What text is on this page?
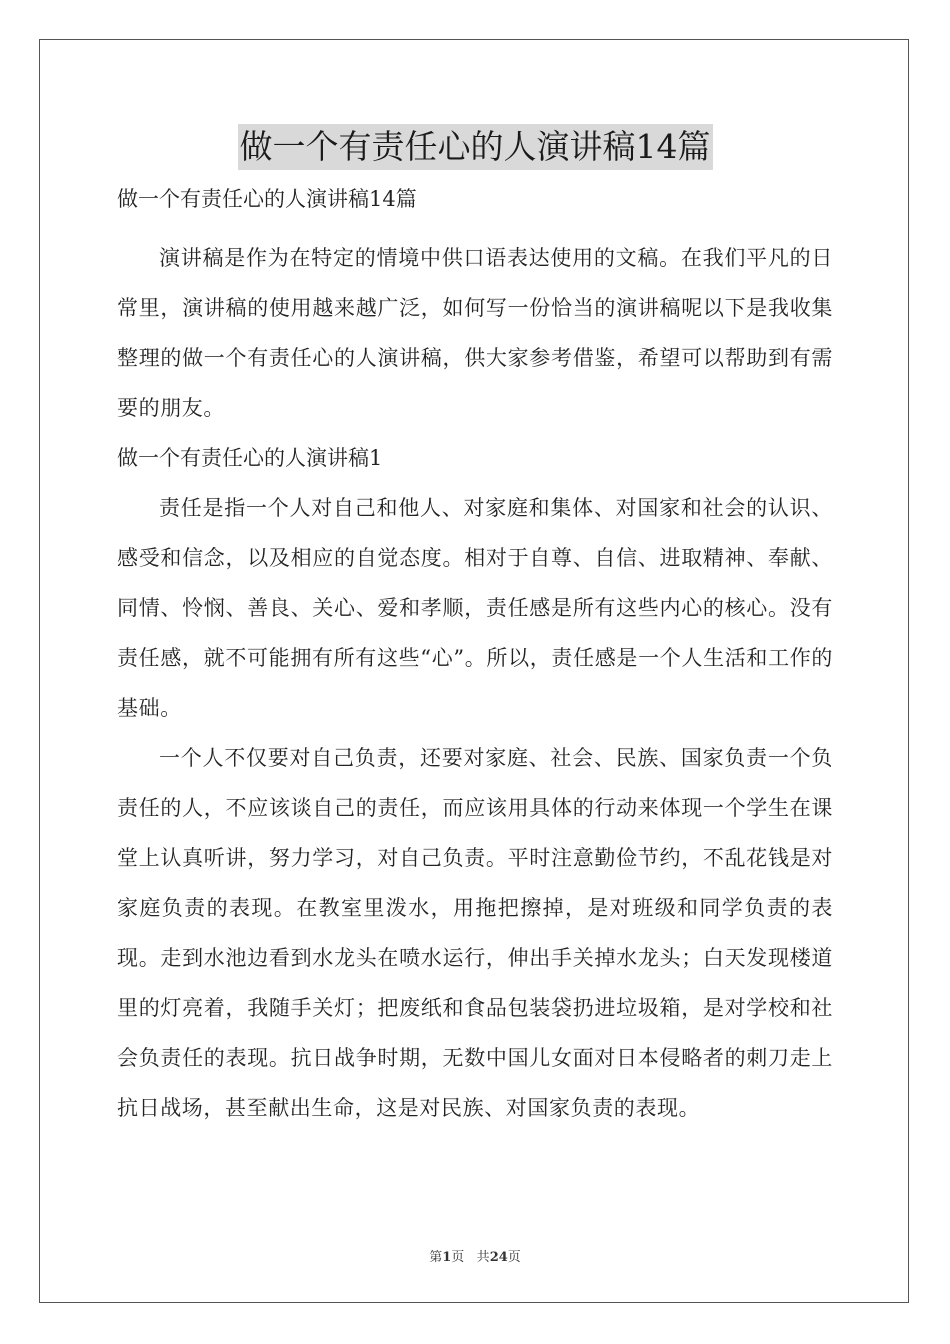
做一个有责任心的人演讲稿14篇

做一个有责任心的人演讲稿14篇

演讲稿是作为在特定的情境中供口语表达使用的文稿。在我们平凡的日常里，演讲稿的使用越来越广泛，如何写一份恰当的演讲稿呢以下是我收集整理的做一个有责任心的人演讲稿，供大家参考借鉴，希望可以帮助到有需要的朋友。

做一个有责任心的人演讲稿1

责任是指一个人对自己和他人、对家庭和集体、对国家和社会的认识、感受和信念，以及相应的自觉态度。相对于自尊、自信、进取精神、奉献、同情、怜悯、善良、关心、爱和孝顺，责任感是所有这些内心的核心。没有责任感，就不可能拥有所有这些“心”。所以，责任感是一个人生活和工作的基础。

一个人不仅要对自己负责，还要对家庭、社会、民族、国家负责一个负责任的人，不应该谈自己的责任，而应该用具体的行动来体现一个学生在课堂上认真听讲，努力学习，对自己负责。平时注意勤俭节约，不乱花钱是对家庭负责的表现。在教室里泼水，用拖把擦掉，是对班级和同学负责的表现。走到水池边看到水龙头在喷水运行，伸出手关掉水龙头；白天发现楼道里的灯亮着，我随手关灯；把废纸和食品包装袋扔进垃圾箱，是对学校和社会负责任的表现。抗日战争时期，无数中国儿女面对日本侵略者的刺刀走上抗日战场，甚至献出生命，这是对民族、对国家负责的表现。

第1页 共24页
